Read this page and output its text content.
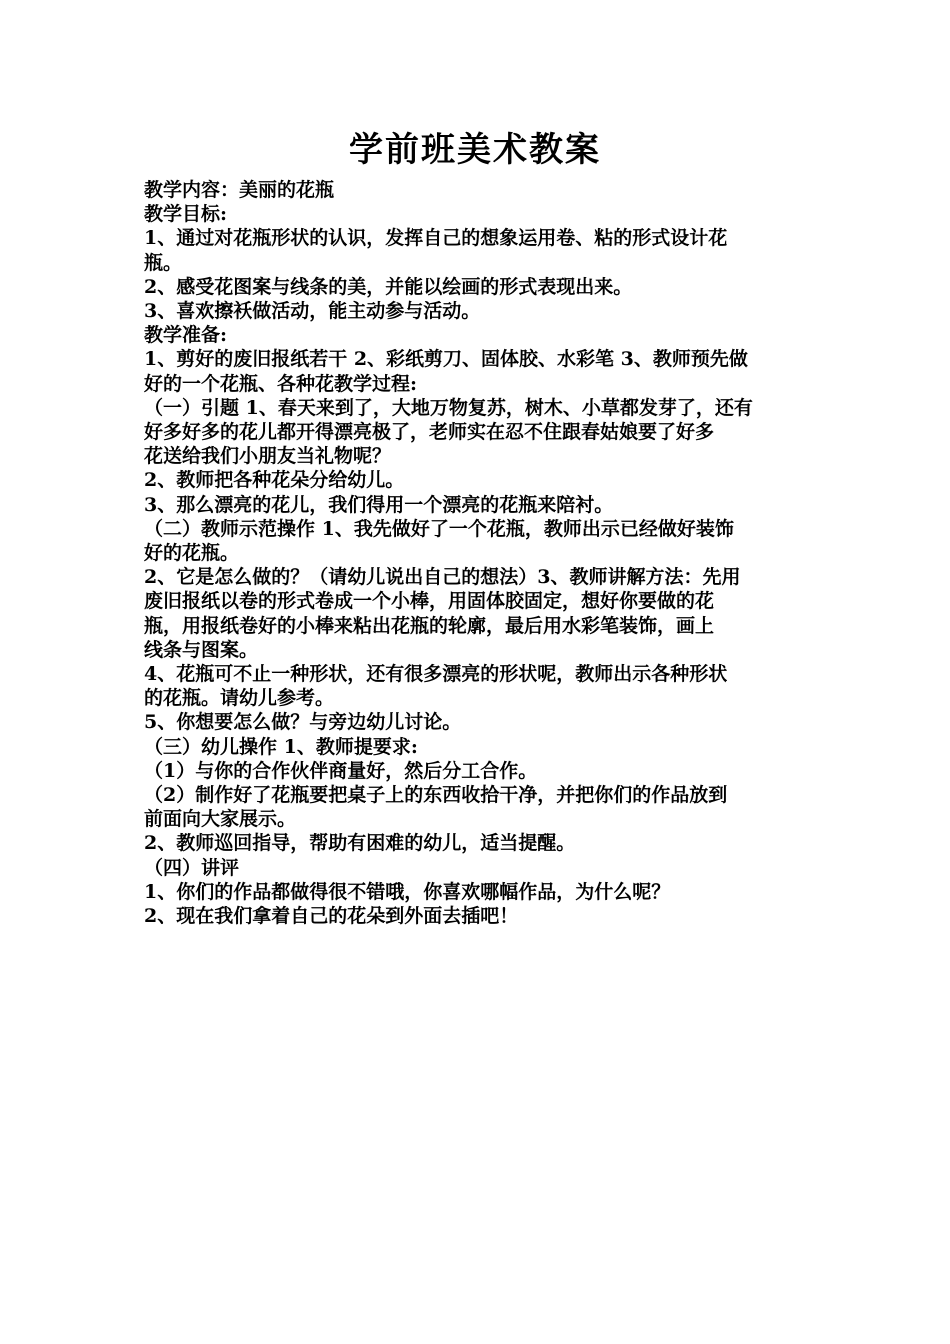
学前班美术教案
教学内容：美丽的花瓶
教学目标:
1、通过对花瓶形状的认识，发挥自己的想象运用卷、粘的形式设计花
瓶。
2、感受花图案与线条的美，并能以绘画的形式表现出来。
3、喜欢擦袄做活动，能主动参与活动。
教学准备:
1、剪好的废旧报纸若干 2、彩纸剪刀、固体胶、水彩笔 3、教师预先做
好的一个花瓶、各种花教学过程:
（一）引题 1、春天来到了，大地万物复苏，树木、小草都发芽了，还有
好多好多的花儿都开得漂亮极了，老师实在忍不住跟春姑娘要了好多
花送给我们小朋友当礼物呢？
2、教师把各种花朵分给幼儿。
3、那么漂亮的花儿，我们得用一个漂亮的花瓶来陪衬。
（二）教师示范操作 1、我先做好了一个花瓶，教师出示已经做好装饰
好的花瓶。
2、它是怎么做的？（请幼儿说出自己的想法）3、教师讲解方法：先用
废旧报纸以卷的形式卷成一个小棒，用固体胶固定，想好你要做的花
瓶，用报纸卷好的小棒来粘出花瓶的轮廓，最后用水彩笔装饰，画上
线条与图案。
4、花瓶可不止一种形状，还有很多漂亮的形状呢，教师出示各种形状
的花瓶。请幼儿参考。
5、你想要怎么做？与旁边幼儿讨论。
（三）幼儿操作 1、教师提要求:
（1）与你的合作伙伴商量好，然后分工合作。
（2）制作好了花瓶要把桌子上的东西收拾干净，并把你们的作品放到
前面向大家展示。
2、教师巡回指导，帮助有困难的幼儿，适当提醒。
（四）讲评
1、你们的作品都做得很不错哦，你喜欢哪幅作品，为什么呢？
2、现在我们拿着自己的花朵到外面去插吧！
